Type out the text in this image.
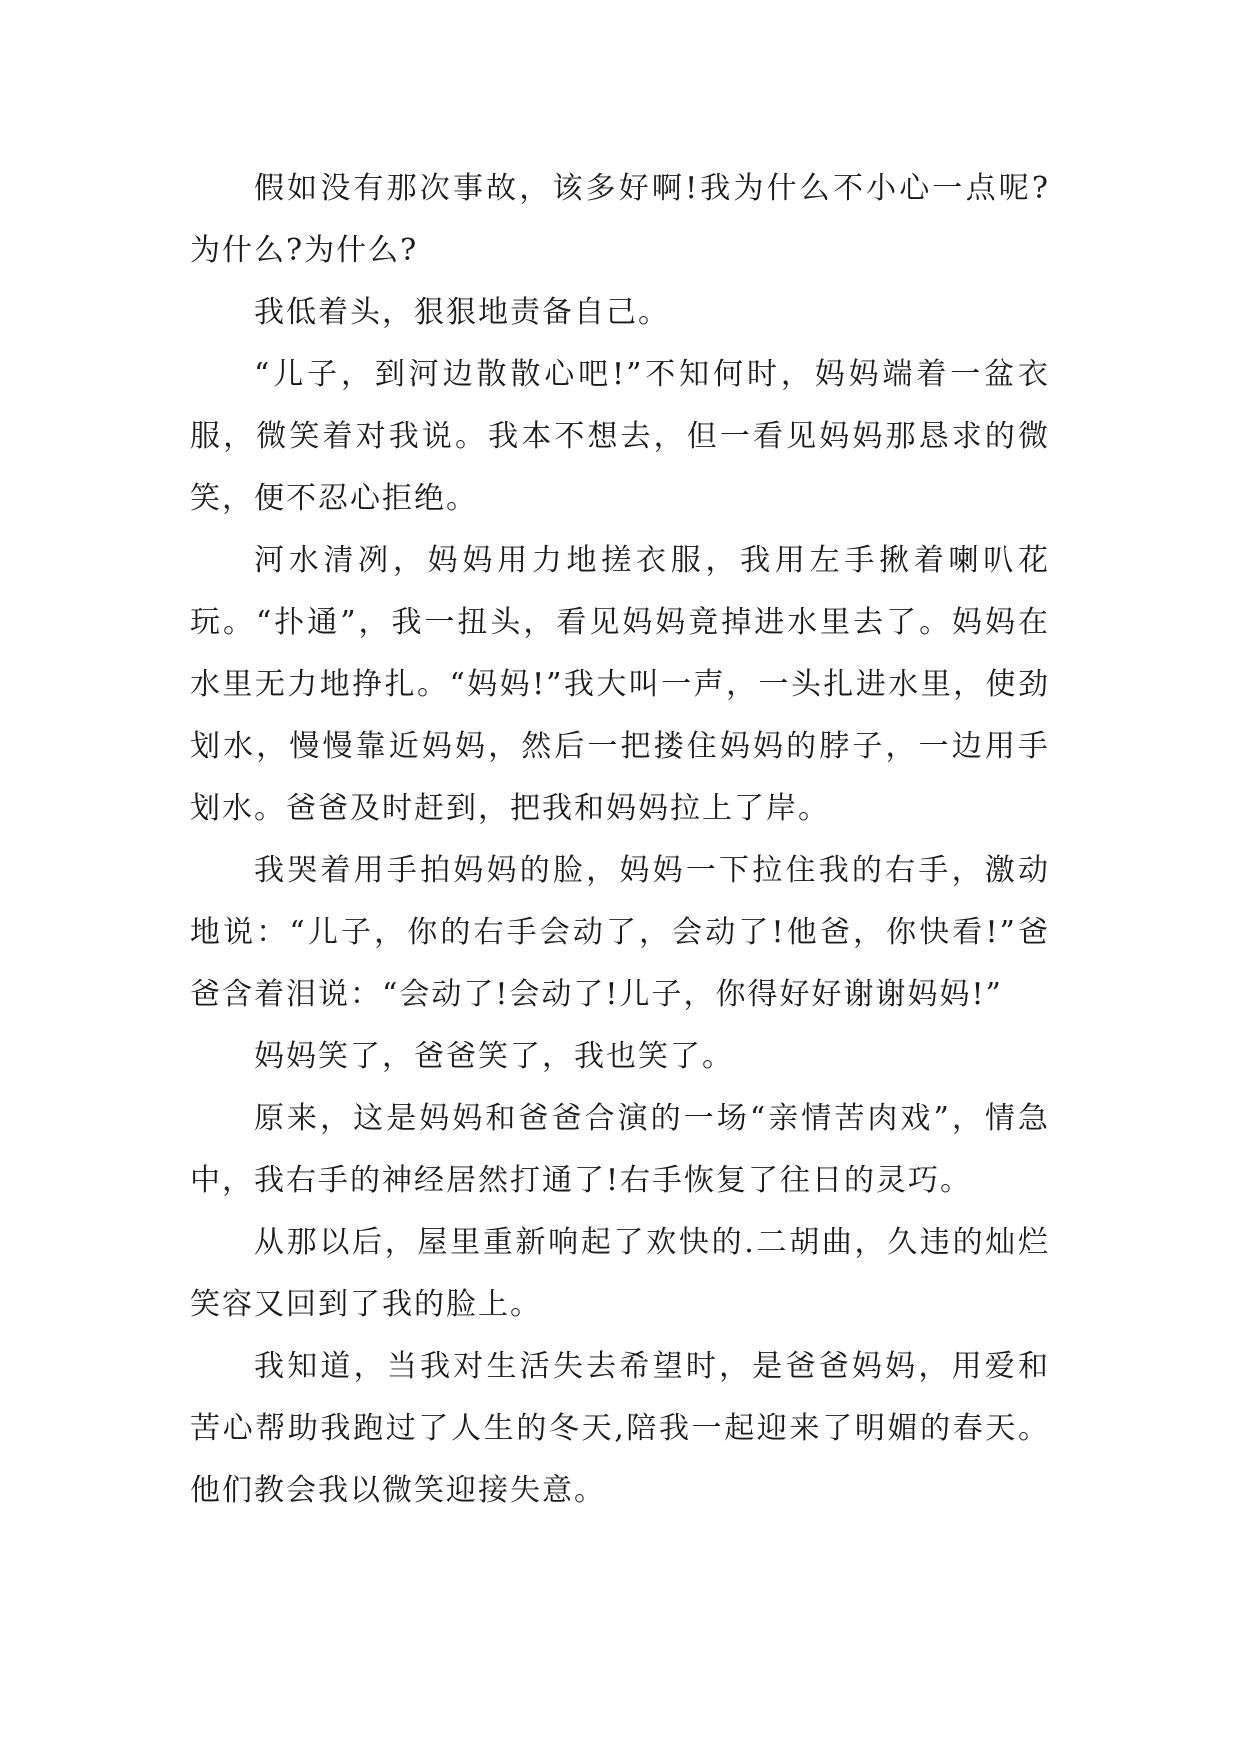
假如没有那次事故，该多好啊!我为什么不小心一点呢?为什么?为什么?

我低着头，狠狠地责备自己。

“儿子，到河边散散心吧!”不知何时，妈妈端着一盆衣服，微笑着对我说。我本不想去，但一看见妈妈那恳求的微笑，便不忍心拒绝。

河水清冽，妈妈用力地搓衣服，我用左手揪着喇叭花玩。“扑通”，我一扭头，看见妈妈竟掉进水里去了。妈妈在水里无力地挣扎。“妈妈!”我大叫一声，一头扎进水里，使劲划水，慢慢靠近妈妈，然后一把搂住妈妈的脖子，一边用手划水。爸爸及时赶到，把我和妈妈拉上了岸。

我哭着用手拍妈妈的脸，妈妈一下拉住我的右手，激动地说：“儿子，你的右手会动了，会动了!他爸，你快看!”爸爸含着泪说：“会动了!会动了!儿子，你得好好谢谢妈妈!”

妈妈笑了，爸爸笑了，我也笑了。

原来，这是妈妈和爸爸合演的一场“亲情苦肉戏”，情急中，我右手的神经居然打通了!右手恢复了往日的灵巧。

从那以后，屋里重新响起了欢快的.二胡曲，久违的灿烂笑容又回到了我的脸上。

我知道，当我对生活失去希望时，是爸爸妈妈，用爱和苦心帮助我跑过了人生的冬天,陪我一起迎来了明媚的春天。他们教会我以微笑迎接失意。
